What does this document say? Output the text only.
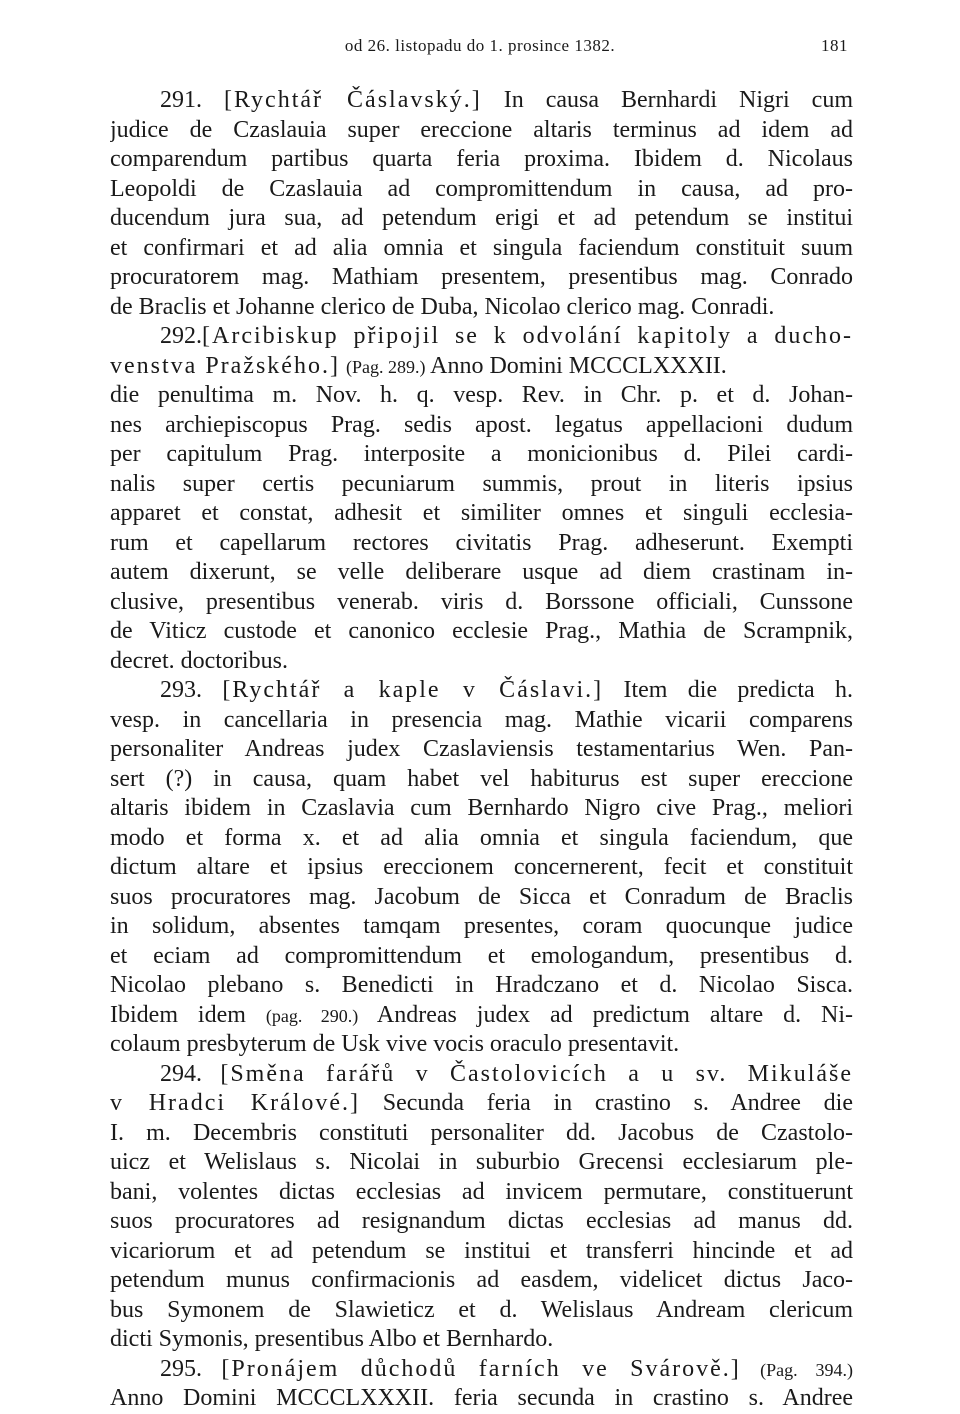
od 26. listopadu do 1. prosince 1382.	181
291. [Rychtář Čáslavský.] In causa Bernhardi Nigri cum
judice de Czaslauia super ereccione altaris terminus ad idem ad
comparendum partibus quarta feria proxima. Ibidem d. Nicolaus
Leopoldi de Czaslauia ad compromittendum in causa, ad pro-
ducendum jura sua, ad petendum erigi et ad petendum se institui
et confirmari et ad alia omnia et singula faciendum constituit suum
procuratorem mag. Mathiam presentem, presentibus mag. Conrado
de Braclis et Johanne clerico de Duba, Nicolao clerico mag. Conradi.
292.[Arcibiskup připojil se k odvolání kapitoly a ducho-
venstva Pražského.] (Pag. 289.) Anno Domini MCCCLXXXII.
die penultima m. Nov. h. q. vesp. Rev. in Chr. p. et d. Johan-
nes archiepiscopus Prag. sedis apost. legatus appellacioni dudum
per capitulum Prag. interposite a monicionibus d. Pilei cardi-
nalis super certis pecuniarum summis, prout in literis ipsius
apparet et constat, adhesit et similiter omnes et singuli ecclesia-
rum et capellarum rectores civitatis Prag. adheserunt. Exempti
autem dixerunt, se velle deliberare usque ad diem crastinam in-
clusive, presentibus venerab. viris d. Borssone officiali, Cunssone
de Viticz custode et canonico ecclesie Prag., Mathia de Scrampnik,
decret. doctoribus.
293. [Rychtář a kaple v Čáslavi.] Item die predicta h.
vesp. in cancellaria in presencia mag. Mathie vicarii comparens
personaliter Andreas judex Czaslaviensis testamentarius Wen. Pan-
sert (?) in causa, quam habet vel habiturus est super ereccione
altaris ibidem in Czaslavia cum Bernhardo Nigro cive Prag., meliori
modo et forma x. et ad alia omnia et singula faciendum, que
dictum altare et ipsius ereccionem concernerent, fecit et constituit
suos procuratores mag. Jacobum de Sicca et Conradum de Braclis
in solidum, absentes tamqam presentes, coram quocunque judice
et eciam ad compromittendum et emologandum, presentibus d.
Nicolao plebano s. Benedicti in Hradczano et d. Nicolao Sisca.
Ibidem idem (pag. 290.) Andreas judex ad predictum altare d. Ni-
colaum presbyterum de Usk vive vocis oraculo presentavit.
294. [Směna farářů v Častolovicích a u sv. Mikuláše
v Hradci Králové.] Secunda feria in crastino s. Andree die
I. m. Decembris constituti personaliter dd. Jacobus de Czastolo-
uicz et Welislaus s. Nicolai in suburbio Grecensi ecclesiarum ple-
bani, volentes dictas ecclesias ad invicem permutare, constituerunt
suos procuratores ad resignandum dictas ecclesias ad manus dd.
vicariorum et ad petendum se institui et transferri hincinde et ad
petendum munus confirmacionis ad easdem, videlicet dictus Jaco-
bus Symonem de Slawieticz et d. Welislaus Andream clericum
dicti Symonis, presentibus Albo et Bernhardo.
295. [Pronájem důchodů farních ve Svárově.] (Pag. 394.)
Anno Domini MCCCLXXXII. feria secunda in crastino s. Andree
